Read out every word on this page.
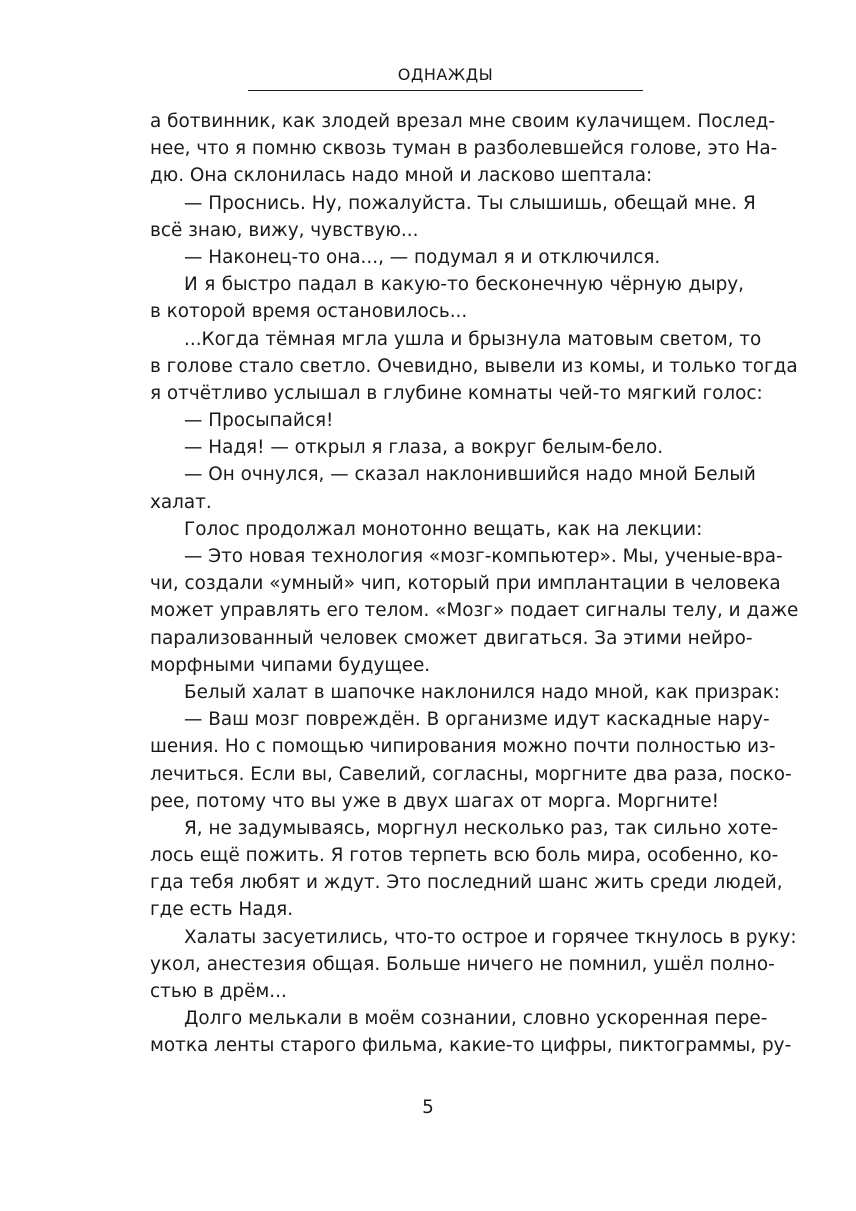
ОДНАЖДЫ
а ботвинник, как злодей врезал мне своим кулачищем. Послед-
нее, что я помню сквозь туман в разболевшейся голове, это На-
дю. Она склонилась надо мной и ласково шептала:
— Проснись. Ну, пожалуйста. Ты слышишь, обещай мне. Я
всё знаю, вижу, чувствую...
— Наконец-то она..., — подумал я и отключился.
И я быстро падал в какую-то бесконечную чёрную дыру,
в которой время остановилось...
...Когда тёмная мгла ушла и брызнула матовым светом, то
в голове стало светло. Очевидно, вывели из комы, и только тогда
я отчётливо услышал в глубине комнаты чей-то мягкий голос:
— Просыпайся!
— Надя! — открыл я глаза, а вокруг белым-бело.
— Он очнулся, — сказал наклонившийся надо мной Белый
халат.
Голос продолжал монотонно вещать, как на лекции:
— Это новая технология «мозг-компьютер». Мы, ученые-вра-
чи, создали «умный» чип, который при имплантации в человека
может управлять его телом. «Мозг» подает сигналы телу, и даже
парализованный человек сможет двигаться. За этими нейро-
морфными чипами будущее.
Белый халат в шапочке наклонился надо мной, как призрак:
— Ваш мозг повреждён. В организме идут каскадные нару-
шения. Но с помощью чипирования можно почти полностью из-
лечиться. Если вы, Савелий, согласны, моргните два раза, поско-
рее, потому что вы уже в двух шагах от морга. Моргните!
Я, не задумываясь, моргнул несколько раз, так сильно хоте-
лось ещё пожить. Я готов терпеть всю боль мира, особенно, ко-
гда тебя любят и ждут. Это последний шанс жить среди людей,
где есть Надя.
Халаты засуетились, что-то острое и горячее ткнулось в руку:
укол, анестезия общая. Больше ничего не помнил, ушёл полно-
стью в дрём...
Долго мелькали в моём сознании, словно ускоренная пере-
мотка ленты старого фильма, какие-то цифры, пиктограммы, ру-
5
